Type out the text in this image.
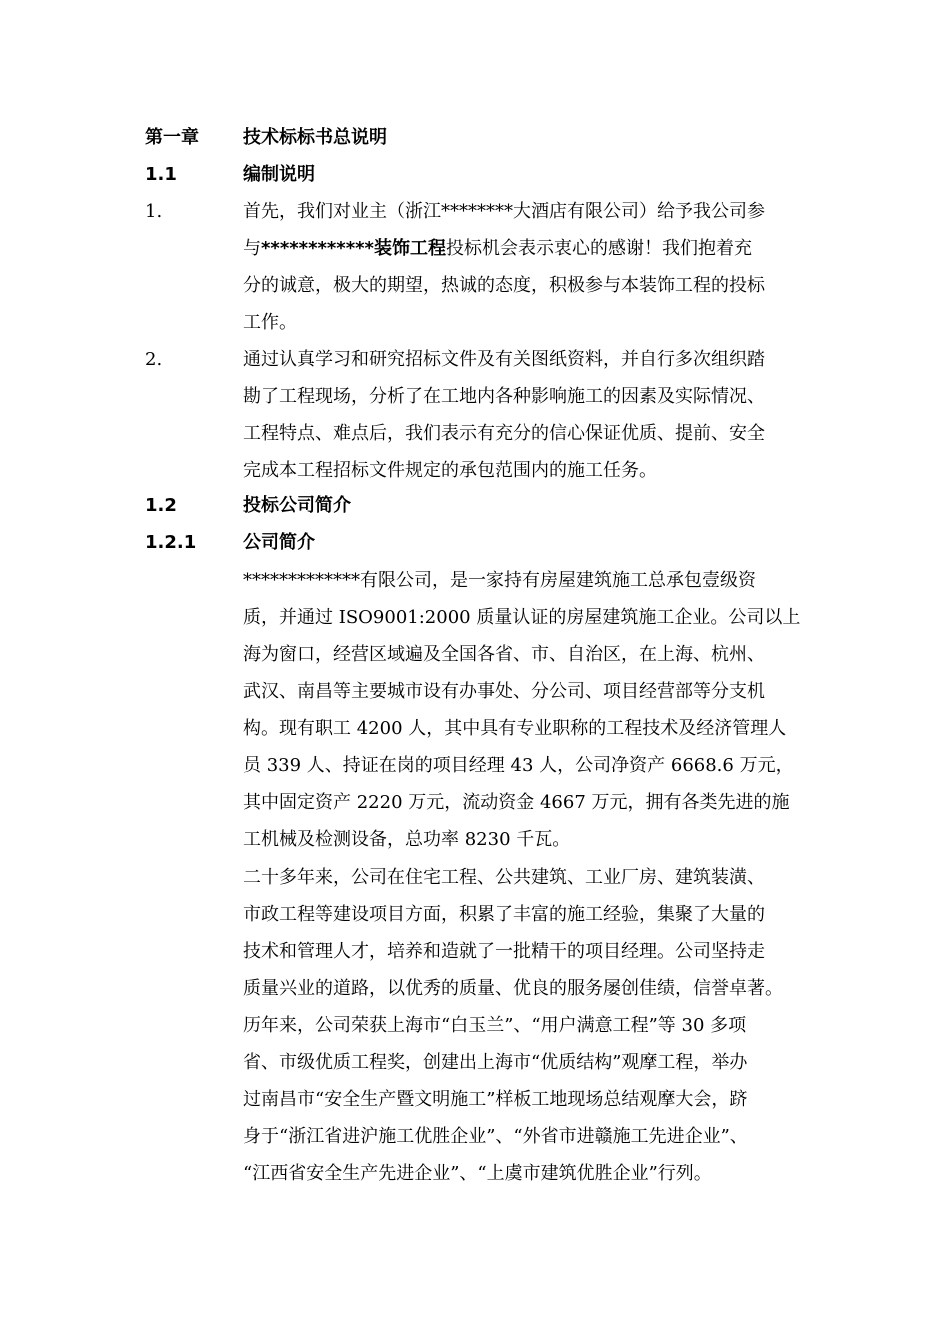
第一章 技术标标书总说明
1.1	编制说明
1.	首先，我们对业主（浙江********大酒店有限公司）给予我公司参
与************装饰工程投标机会表示衷心的感谢！我们抱着充
分的诚意，极大的期望，热诚的态度，积极参与本装饰工程的投标
工作。
2.	通过认真学习和研究招标文件及有关图纸资料，并自行多次组织踏
勘了工程现场，分析了在工地内各种影响施工的因素及实际情况、
工程特点、难点后，我们表示有充分的信心保证优质、提前、安全
完成本工程招标文件规定的承包范围内的施工任务。
1.2	投标公司简介
1.2.1	公司简介
*************有限公司，是一家持有房屋建筑施工总承包壹级资
质，并通过 ISO9001:2000 质量认证的房屋建筑施工企业。公司以上
海为窗口，经营区域遍及全国各省、市、自治区，在上海、杭州、
武汉、南昌等主要城市设有办事处、分公司、项目经营部等分支机
构。现有职工 4200 人，其中具有专业职称的工程技术及经济管理人
员 339 人、持证在岗的项目经理 43 人，公司净资产 6668.6 万元，
其中固定资产 2220 万元，流动资金 4667 万元，拥有各类先进的施
工机械及检测设备，总功率 8230 千瓦。
二十多年来，公司在住宅工程、公共建筑、工业厂房、建筑装潢、
市政工程等建设项目方面，积累了丰富的施工经验，集聚了大量的
技术和管理人才，培养和造就了一批精干的项目经理。公司坚持走
质量兴业的道路，以优秀的质量、优良的服务屡创佳绩，信誉卓著。
历年来，公司荣获上海市“白玉兰”、“用户满意工程”等 30 多项
省、市级优质工程奖，创建出上海市“优质结构”观摩工程，举办
过南昌市“安全生产暨文明施工”样板工地现场总结观摩大会，跻
身于“浙江省进沪施工优胜企业”、“外省市进赣施工先进企业”、
“江西省安全生产先进企业”、“上虞市建筑优胜企业”行列。
